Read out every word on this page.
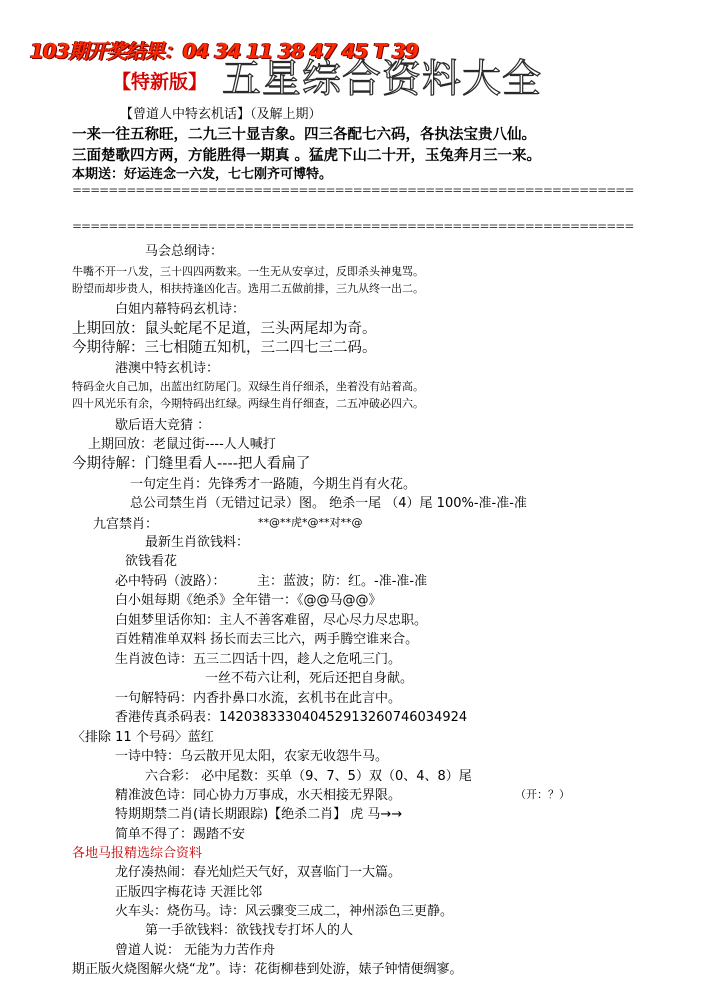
103期开奖结果：04 34 11 38 47 45 T 39
【特新版】 五星综合资料大全
【曾道人中特玄机话】（及解上期）
一来一往五称旺，二九三十显吉象。四三各配七六码，各执法宝贵八仙。
三面楚歌四方两，方能胜得一期真 。猛虎下山二十开，玉兔奔月三一来。
本期送：好运连念一六发，七七刚齐可博特。
==============================================================
==============================================================
马会总纲诗：
牛嘴不开一八发，三十四四两数来。一生无从安享过，反即杀头神鬼骂。
盼望而却步贵人，相扶持逢凶化吉。选用二五做前排，三九从终一出二。
白姐内幕特码玄机诗：
上期回放：鼠头蛇尾不足道，三头两尾却为奇。
今期待解：三七相随五知机，三二四七三二码。
港澳中特玄机诗：
特码金火自己加，出蓝出红防尾门。双绿生肖仔细杀，坐着没有站着高。
四十风光乐有余，今期特码出红绿。两绿生肖仔细查，二五冲破必四六。
歇后语大竞猜 ：
上期回放：老鼠过街----人人喊打
今期待解：门缝里看人----把人看扁了
一句定生肖：先锋秀才一路随，今期生肖有火花。
总公司禁生肖（无错过记录）图。 绝杀一尾 （4）尾 100%-准-准-准
九宫禁肖：	**@**虎*@**对**@
最新生肖欲钱料：
欲钱看花
必中特码（波路）： 主：蓝波；防：红。-准-准-准
白小姐每期《绝杀》全年错一：《@@马@@》
白姐梦里话你知：主人不善客难留，尽心尽力尽忠职。
百姓精准单双料 扬长而去三比六，两手腾空谁来合。
生肖波色诗：五三二四话十四，趁人之危吼三门。
一丝不苟六让利，死后还把自身献。
一句解特码：内香扑鼻口水流，玄机书在此言中。
香港传真杀码表：14203833304045291326074603492​4
〈排除 11 个号码〉蓝红
一诗中特：乌云散开见太阳，农家无收怨牛马。
六合彩： 必中尾数：买单（9、7、5）双（0、4、8）尾
精准波色诗：同心协力万事成，水天相接无界限。	（开：？）
特期期禁二肖(请长期跟踪)【绝杀二肖】 虎 马→→
简单不得了：踢踏不安
各地马报精选综合资料
龙仔凑热闹：春光灿烂天气好，双喜临门一大篇。
正版四字梅花诗 天涯比邻
火车头：烧伤马。诗：风云骤变三成二，神州添色三更静。
第一手欲钱料：欲钱找专打坏人的人
曾道人说： 无能为力苦作舟
期正版火烧图解火烧“龙”。诗：花街柳巷到处游，婊子钟情便绸寥。
